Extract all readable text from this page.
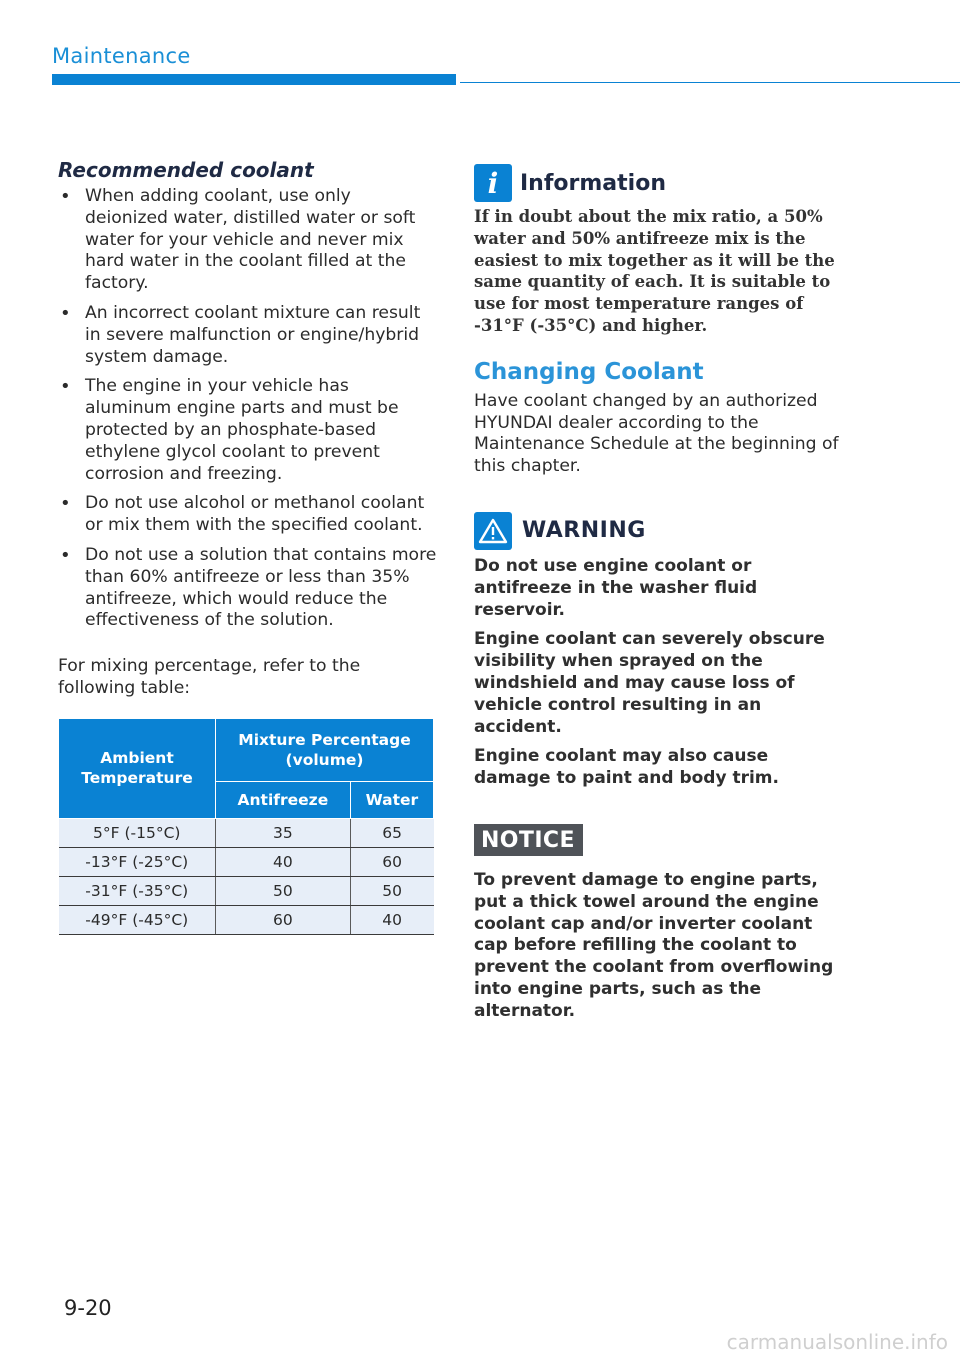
Maintenance
Recommended coolant
• When adding coolant, use only deionized water, distilled water or soft water for your vehicle and never mix hard water in the coolant filled at the factory.
• An incorrect coolant mixture can result in severe malfunction or engine/hybrid system damage.
• The engine in your vehicle has aluminum engine parts and must be protected by an phosphate-based ethylene glycol coolant to prevent corrosion and freezing.
• Do not use alcohol or methanol coolant or mix them with the specified coolant.
• Do not use a solution that contains more than 60% antifreeze or less than 35% antifreeze, which would reduce the effectiveness of the solution.

For mixing percentage, refer to the following table:

Ambient Temperature	Mixture Percentage (volume)	
	Antifreeze	Water
5°F (-15°C)	35	65
-13°F (-25°C)	40	60
-31°F (-35°C)	50	50
-49°F (-45°C)	60	40
i Information

If in doubt about the mix ratio, a 50% water and 50% antifreeze mix is the easiest to mix together as it will be the same quantity of each. It is suitable to use for most temperature ranges of -31°F (-35°C) and higher.

Changing Coolant

Have coolant changed by an authorized HYUNDAI dealer according to the Maintenance Schedule at the beginning of this chapter.

WARNING

Do not use engine coolant or antifreeze in the washer fluid reservoir.

Engine coolant can severely obscure visibility when sprayed on the windshield and may cause loss of vehicle control resulting in an accident.

Engine coolant may also cause damage to paint and body trim.

NOTICE

To prevent damage to engine parts, put a thick towel around the engine coolant cap and/or inverter coolant cap before refilling the coolant to prevent the coolant from overflowing into engine parts, such as the alternator.

9-20
carmanualsonline.info
